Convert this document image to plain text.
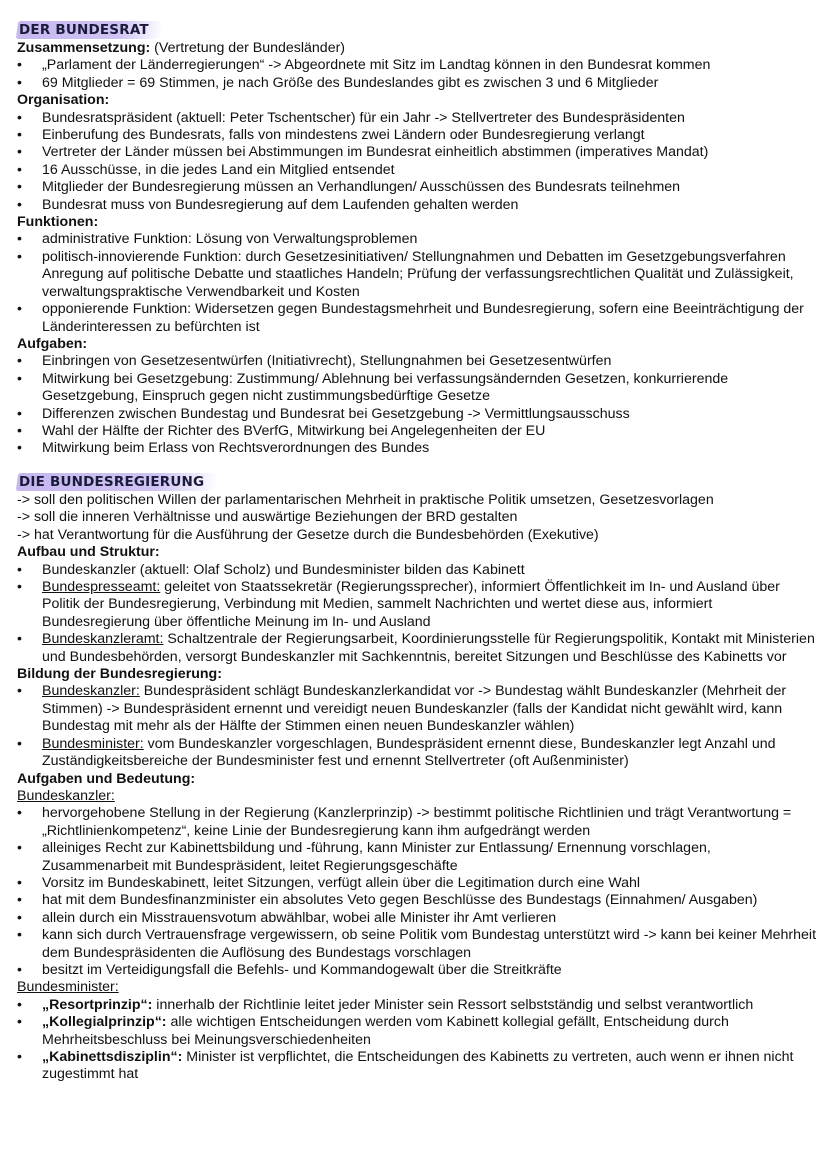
DER BUNDESRAT
Zusammensetzung: (Vertretung der Bundesländer)
• „Parlament der Länderregierungen“ -> Abgeordnete mit Sitz im Landtag können in den Bundesrat kommen
• 69 Mitglieder = 69 Stimmen, je nach Größe des Bundeslandes gibt es zwischen 3 und 6 Mitglieder
Organisation:
• Bundesratspräsident (aktuell: Peter Tschentscher) für ein Jahr -> Stellvertreter des Bundespräsidenten
• Einberufung des Bundesrats, falls von mindestens zwei Ländern oder Bundesregierung verlangt
• Vertreter der Länder müssen bei Abstimmungen im Bundesrat einheitlich abstimmen (imperatives Mandat)
• 16 Ausschüsse, in die jedes Land ein Mitglied entsendet
• Mitglieder der Bundesregierung müssen an Verhandlungen/ Ausschüssen des Bundesrats teilnehmen
• Bundesrat muss von Bundesregierung auf dem Laufenden gehalten werden
Funktionen:
• administrative Funktion: Lösung von Verwaltungsproblemen
• politisch-innovierende Funktion: durch Gesetzesinitiativen/ Stellungnahmen und Debatten im Gesetzgebungsverfahren Anregung auf politische Debatte und staatliches Handeln; Prüfung der verfassungsrechtlichen Qualität und Zulässigkeit, verwaltungspraktische Verwendbarkeit und Kosten
• opponierende Funktion: Widersetzen gegen Bundestagsmehrheit und Bundesregierung, sofern eine Beeinträchtigung der Länderinteressen zu befürchten ist
Aufgaben:
• Einbringen von Gesetzesentwürfen (Initiativrecht), Stellungnahmen bei Gesetzesentwürfen
• Mitwirkung bei Gesetzgebung: Zustimmung/ Ablehnung bei verfassungsändernden Gesetzen, konkurrierende Gesetzgebung, Einspruch gegen nicht zustimmungsbedürftige Gesetze
• Differenzen zwischen Bundestag und Bundesrat bei Gesetzgebung -> Vermittlungsausschuss
• Wahl der Hälfte der Richter des BVerfG, Mitwirkung bei Angelegenheiten der EU
• Mitwirkung beim Erlass von Rechtsverordnungen des Bundes
DIE BUNDESREGIERUNG
-> soll den politischen Willen der parlamentarischen Mehrheit in praktische Politik umsetzen, Gesetzesvorlagen
-> soll die inneren Verhältnisse und auswärtige Beziehungen der BRD gestalten
-> hat Verantwortung für die Ausführung der Gesetze durch die Bundesbehörden (Exekutive)
Aufbau und Struktur:
• Bundeskanzler (aktuell: Olaf Scholz) und Bundesminister bilden das Kabinett
• Bundespresseamt: geleitet von Staatssekretär (Regierungssprecher), informiert Öffentlichkeit im In- und Ausland über Politik der Bundesregierung, Verbindung mit Medien, sammelt Nachrichten und wertet diese aus, informiert Bundesregierung über öffentliche Meinung im In- und Ausland
• Bundeskanzleramt: Schaltzentrale der Regierungsarbeit, Koordinierungsstelle für Regierungspolitik, Kontakt mit Ministerien und Bundesbehörden, versorgt Bundeskanzler mit Sachkenntnis, bereitet Sitzungen und Beschlüsse des Kabinetts vor
Bildung der Bundesregierung:
• Bundeskanzler: Bundespräsident schlägt Bundeskanzlerkandidat vor -> Bundestag wählt Bundeskanzler (Mehrheit der Stimmen) -> Bundespräsident ernennt und vereidigt neuen Bundeskanzler (falls der Kandidat nicht gewählt wird, kann Bundestag mit mehr als der Hälfte der Stimmen einen neuen Bundeskanzler wählen)
• Bundesminister: vom Bundeskanzler vorgeschlagen, Bundespräsident ernennt diese, Bundeskanzler legt Anzahl und Zuständigkeitsbereiche der Bundesminister fest und ernennt Stellvertreter (oft Außenminister)
Aufgaben und Bedeutung:
Bundeskanzler:
• hervorgehobene Stellung in der Regierung (Kanzlerprinzip) -> bestimmt politische Richtlinien und trägt Verantwortung = „Richtlinienkompetenz“, keine Linie der Bundesregierung kann ihm aufgedrängt werden
• alleiniges Recht zur Kabinettsbildung und -führung, kann Minister zur Entlassung/ Ernennung vorschlagen, Zusammenarbeit mit Bundespräsident, leitet Regierungsgeschäfte
• Vorsitz im Bundeskabinett, leitet Sitzungen, verfügt allein über die Legitimation durch eine Wahl
• hat mit dem Bundesfinanzminister ein absolutes Veto gegen Beschlüsse des Bundestags (Einnahmen/ Ausgaben)
• allein durch ein Misstrauensvotum abwählbar, wobei alle Minister ihr Amt verlieren
• kann sich durch Vertrauensfrage vergewissern, ob seine Politik vom Bundestag unterstützt wird -> kann bei keiner Mehrheit dem Bundespräsidenten die Auflösung des Bundestags vorschlagen
• besitzt im Verteidigungsfall die Befehls- und Kommandogewalt über die Streitkräfte
Bundesminister:
• „Resortprinzip“: innerhalb der Richtlinie leitet jeder Minister sein Ressort selbstständig und selbst verantwortlich
• „Kollegialprinzip“: alle wichtigen Entscheidungen werden vom Kabinett kollegial gefällt, Entscheidung durch Mehrheitsbeschluss bei Meinungsverschiedenheiten
• „Kabinettsdisziplin“: Minister ist verpflichtet, die Entscheidungen des Kabinetts zu vertreten, auch wenn er ihnen nicht zugestimmt hat
